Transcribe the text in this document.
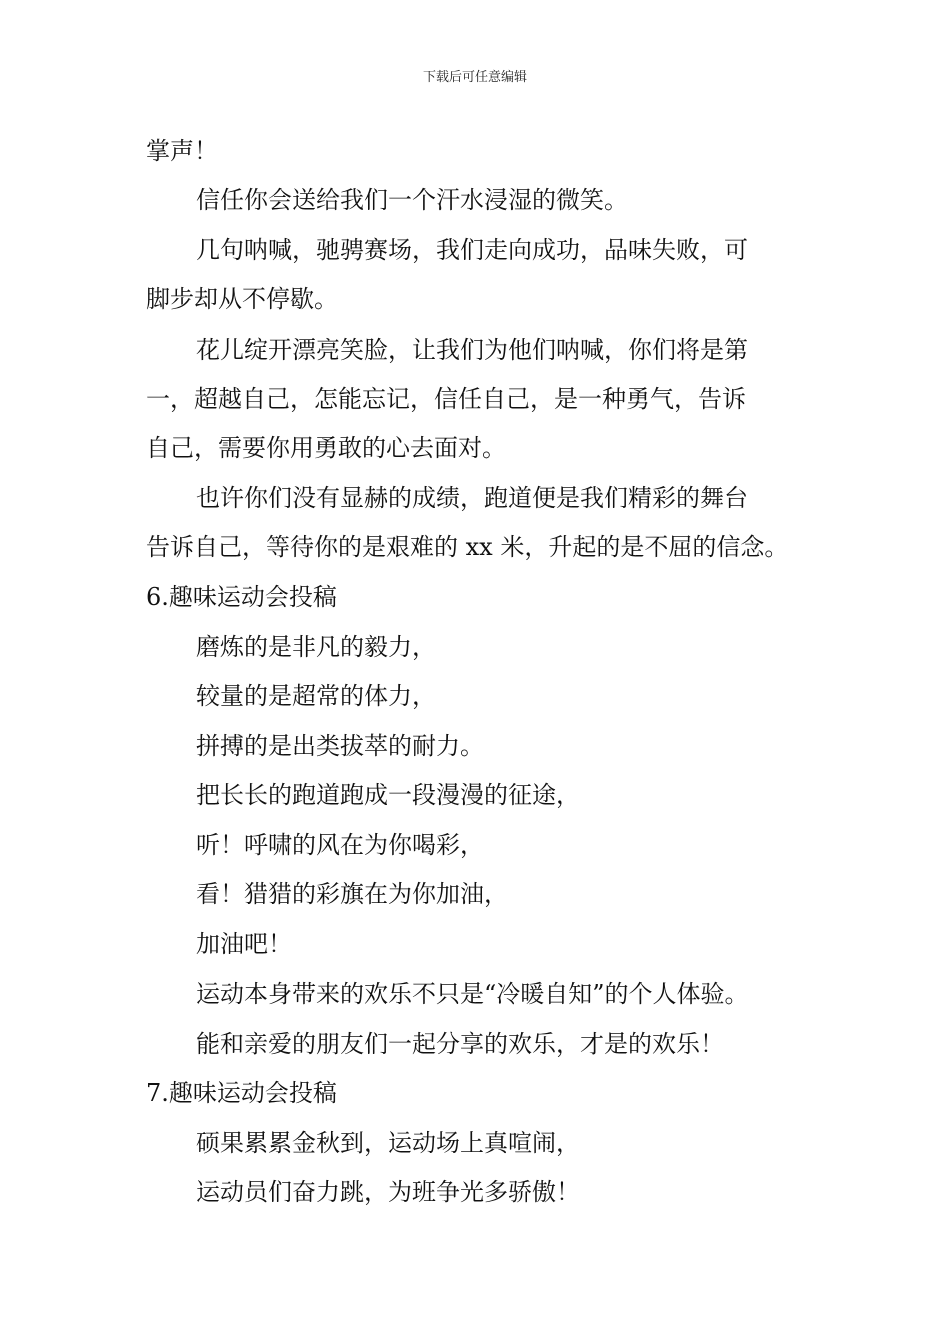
下载后可任意编辑
掌声！
信任你会送给我们一个汗水浸湿的微笑。
几句呐喊，驰骋赛场，我们走向成功，品味失败，可
脚步却从不停歇。
花儿绽开漂亮笑脸，让我们为他们呐喊，你们将是第
一，超越自己，怎能忘记，信任自己，是一种勇气，告诉
自己，需要你用勇敢的心去面对。
也许你们没有显赫的成绩，跑道便是我们精彩的舞台
告诉自己，等待你的是艰难的 xx 米，升起的是不屈的信念。
6.趣味运动会投稿
磨炼的是非凡的毅力，
较量的是超常的体力，
拼搏的是出类拔萃的耐力。
把长长的跑道跑成一段漫漫的征途，
听！呼啸的风在为你喝彩，
看！猎猎的彩旗在为你加油，
加油吧！
运动本身带来的欢乐不只是“冷暖自知”的个人体验。
能和亲爱的朋友们一起分享的欢乐，才是的欢乐！
7.趣味运动会投稿
硕果累累金秋到，运动场上真喧闹，
运动员们奋力跳，为班争光多骄傲！
